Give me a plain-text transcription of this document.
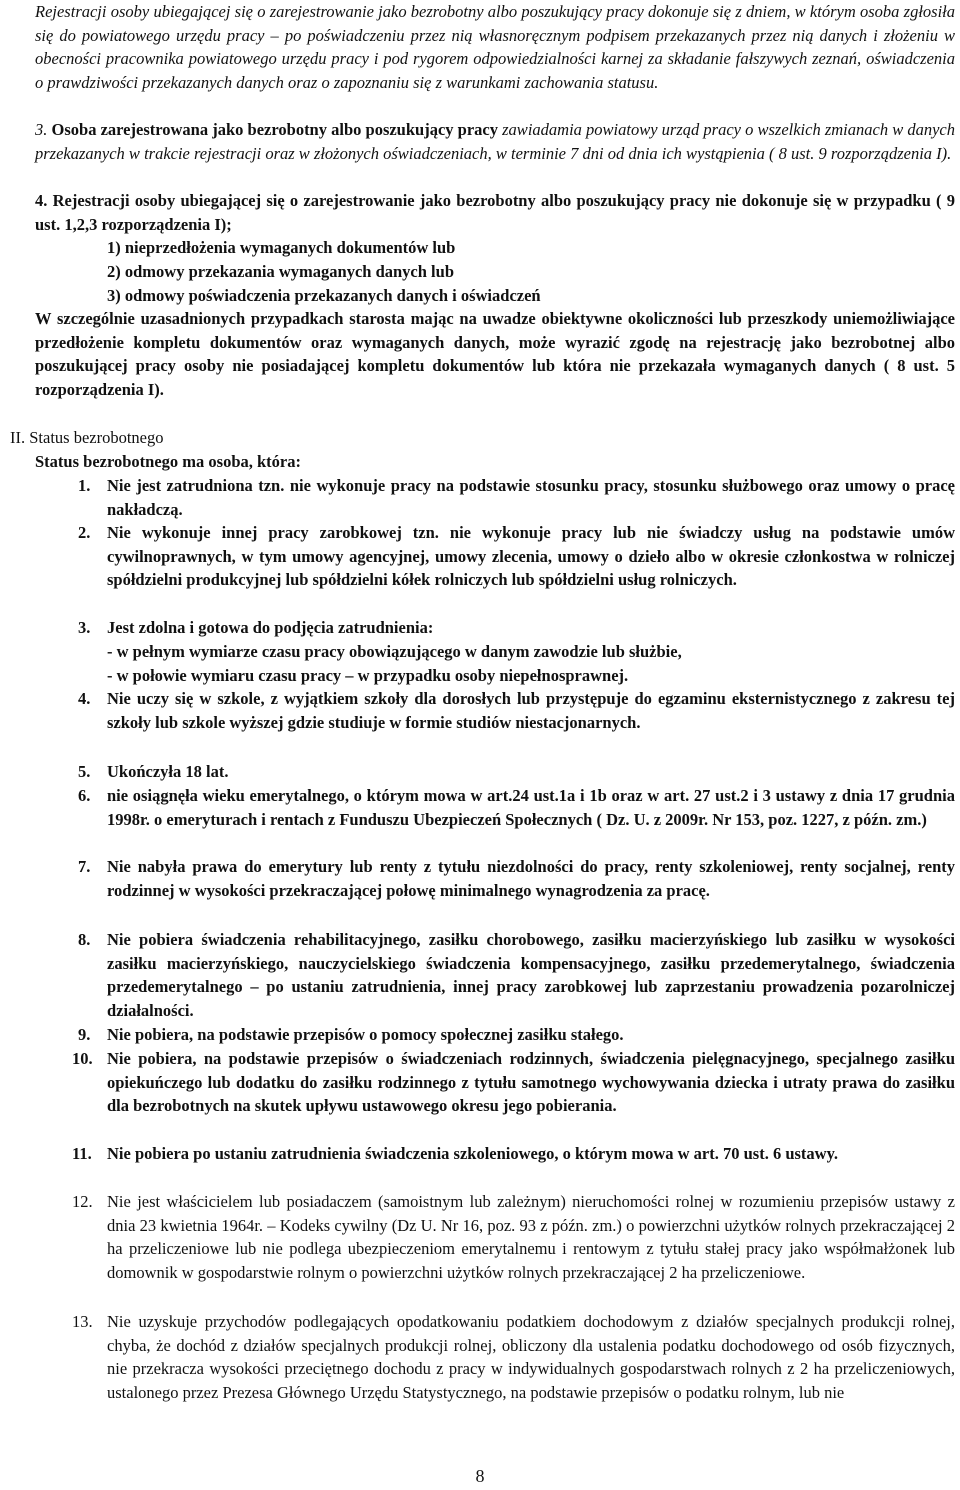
Rejestracji osoby ubiegającej się o zarejestrowanie jako bezrobotny albo poszukujący pracy dokonuje się z dniem, w którym osoba zgłosiła się do powiatowego urzędu pracy – po poświadczeniu przez nią własnoręcznym podpisem przekazanych przez nią danych i złożeniu w obecności pracownika powiatowego urzędu pracy i pod rygorem odpowiedzialności karnej za składanie fałszywych zeznań, oświadczenia o prawdziwości przekazanych danych oraz o zapoznaniu się z warunkami zachowania statusu.

3. Osoba zarejestrowana jako bezrobotny albo poszukujący pracy zawiadamia powiatowy urząd pracy o wszelkich zmianach w danych przekazanych w trakcie rejestracji oraz w złożonych oświadczeniach, w terminie 7 dni od dnia ich wystąpienia ( 8 ust. 9 rozporządzenia I).

4. Rejestracji osoby ubiegającej się o zarejestrowanie jako bezrobotny albo poszukujący pracy nie dokonuje się w przypadku ( 9 ust. 1,2,3 rozporządzenia I);

1) nieprzedłożenia wymaganych dokumentów lub

2) odmowy przekazania wymaganych danych lub

3) odmowy poświadczenia przekazanych danych i oświadczeń

W szczególnie uzasadnionych przypadkach starosta mając na uwadze obiektywne okoliczności lub przeszkody uniemożliwiające przedłożenie kompletu dokumentów oraz wymaganych danych, może wyrazić zgodę na rejestrację jako bezrobotnej albo poszukującej pracy osoby nie posiadającej kompletu dokumentów lub która nie przekazała wymaganych danych ( 8 ust. 5 rozporządzenia I).

II. Status bezrobotnego

Status bezrobotnego ma osoba, która:

1. Nie jest zatrudniona tzn. nie wykonuje pracy na podstawie stosunku pracy, stosunku służbowego oraz umowy o pracę nakładczą.

2. Nie wykonuje innej pracy zarobkowej tzn. nie wykonuje pracy lub nie świadczy usług na podstawie umów cywilnoprawnych, w tym umowy agencyjnej, umowy zlecenia, umowy o dzieło albo w okresie członkostwa w rolniczej spółdzielni produkcyjnej lub spółdzielni kółek rolniczych lub spółdzielni usług rolniczych.

3. Jest zdolna i gotowa do podjęcia zatrudnienia:

- w pełnym wymiarze czasu pracy obowiązującego w danym zawodzie lub służbie,

- w połowie wymiaru czasu pracy – w przypadku osoby niepełnosprawnej.

4. Nie uczy się w szkole, z wyjątkiem szkoły dla dorosłych lub przystępuje do egzaminu eksternistycznego z zakresu tej szkoły lub szkole wyższej gdzie studiuje w formie studiów niestacjonarnych.

5. Ukończyła 18 lat.

6. nie osiągnęła wieku emerytalnego, o którym mowa w art.24 ust.1a i 1b oraz w art. 27 ust.2 i 3 ustawy z dnia 17 grudnia 1998r. o emeryturach i rentach z Funduszu Ubezpieczeń Społecznych ( Dz. U. z 2009r. Nr 153, poz. 1227, z późn. zm.)

7. Nie nabyła prawa do emerytury lub renty z tytułu niezdolności do pracy, renty szkoleniowej, renty socjalnej, renty rodzinnej w wysokości przekraczającej połowę minimalnego wynagrodzenia za pracę.

8. Nie pobiera świadczenia rehabilitacyjnego, zasiłku chorobowego, zasiłku macierzyńskiego lub zasiłku w wysokości zasiłku macierzyńskiego, nauczycielskiego świadczenia kompensacyjnego, zasiłku przedemerytalnego, świadczenia przedemerytalnego – po ustaniu zatrudnienia, innej pracy zarobkowej lub zaprzestaniu prowadzenia pozarolniczej działalności.

9. Nie pobiera, na podstawie przepisów o pomocy społecznej zasiłku stałego.

10. Nie pobiera, na podstawie przepisów o świadczeniach rodzinnych, świadczenia pielęgnacyjnego, specjalnego zasiłku opiekuńczego lub dodatku do zasiłku rodzinnego z tytułu samotnego wychowywania dziecka i utraty prawa do zasiłku dla bezrobotnych na skutek upływu ustawowego okresu jego pobierania.

11. Nie pobiera po ustaniu zatrudnienia świadczenia szkoleniowego, o którym mowa w art. 70 ust. 6 ustawy.

12. Nie jest właścicielem lub posiadaczem (samoistnym lub zależnym) nieruchomości rolnej w rozumieniu przepisów ustawy z dnia 23 kwietnia 1964r. – Kodeks cywilny (Dz U. Nr 16, poz. 93 z późn. zm.) o powierzchni użytków rolnych przekraczającej 2 ha przeliczeniowe lub nie podlega ubezpieczeniom emerytalnemu i rentowym z tytułu stałej pracy jako współmałżonek lub domownik w gospodarstwie rolnym o powierzchni użytków rolnych przekraczającej 2 ha przeliczeniowe.

13. Nie uzyskuje przychodów podlegających opodatkowaniu podatkiem dochodowym z działów specjalnych produkcji rolnej, chyba, że dochód z działów specjalnych produkcji rolnej, obliczony dla ustalenia podatku dochodowego od osób fizycznych, nie przekracza wysokości przeciętnego dochodu z pracy w indywidualnych gospodarstwach rolnych z 2 ha przeliczeniowych, ustalonego przez Prezesa Głównego Urzędu Statystycznego, na podstawie przepisów o podatku rolnym, lub nie

8
